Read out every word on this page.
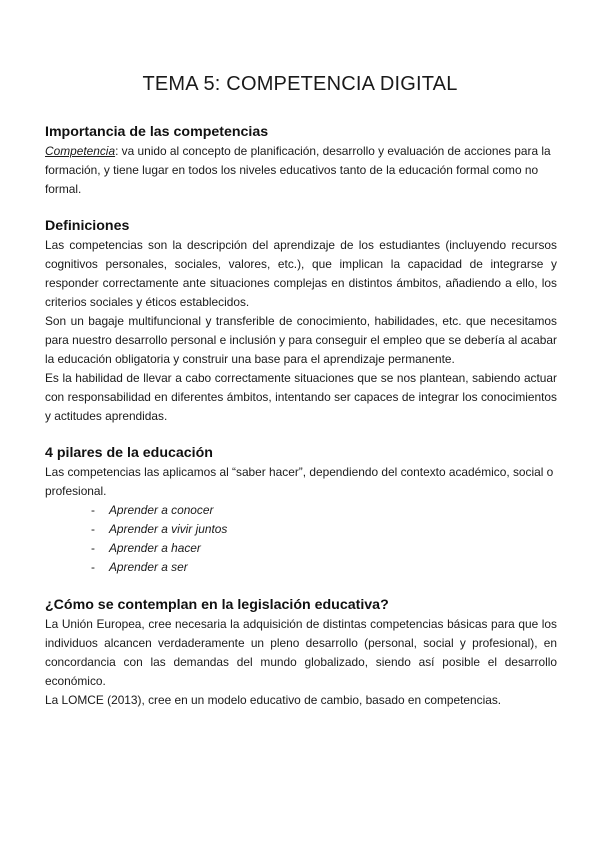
TEMA 5: COMPETENCIA DIGITAL
Importancia de las competencias

Competencia: va unido al concepto de planificación, desarrollo y evaluación de acciones para la formación, y tiene lugar en todos los niveles educativos tanto de la educación formal como no formal.

Definiciones

Las competencias son la descripción del aprendizaje de los estudiantes (incluyendo recursos cognitivos personales, sociales, valores, etc.), que implican la capacidad de integrarse y responder correctamente ante situaciones complejas en distintos ámbitos, añadiendo a ello, los criterios sociales y éticos establecidos.

Son un bagaje multifuncional y transferible de conocimiento, habilidades, etc. que necesitamos para nuestro desarrollo personal e inclusión y para conseguir el empleo que se debería al acabar la educación obligatoria y construir una base para el aprendizaje permanente.

Es la habilidad de llevar a cabo correctamente situaciones que se nos plantean, sabiendo actuar con responsabilidad en diferentes ámbitos, intentando ser capaces de integrar los conocimientos y actitudes aprendidas.

4 pilares de la educación

Las competencias las aplicamos al “saber hacer”, dependiendo del contexto académico, social o profesional.

-	Aprender a conocer
-	Aprender a vivir juntos
-	Aprender a hacer
-	Aprender a ser
¿Cómo se contemplan en la legislación educativa?

La Unión Europea, cree necesaria la adquisición de distintas competencias básicas para que los individuos alcancen verdaderamente un pleno desarrollo (personal, social y profesional), en concordancia con las demandas del mundo globalizado, siendo así posible el desarrollo económico.

La LOMCE (2013), cree en un modelo educativo de cambio, basado en competencias.
